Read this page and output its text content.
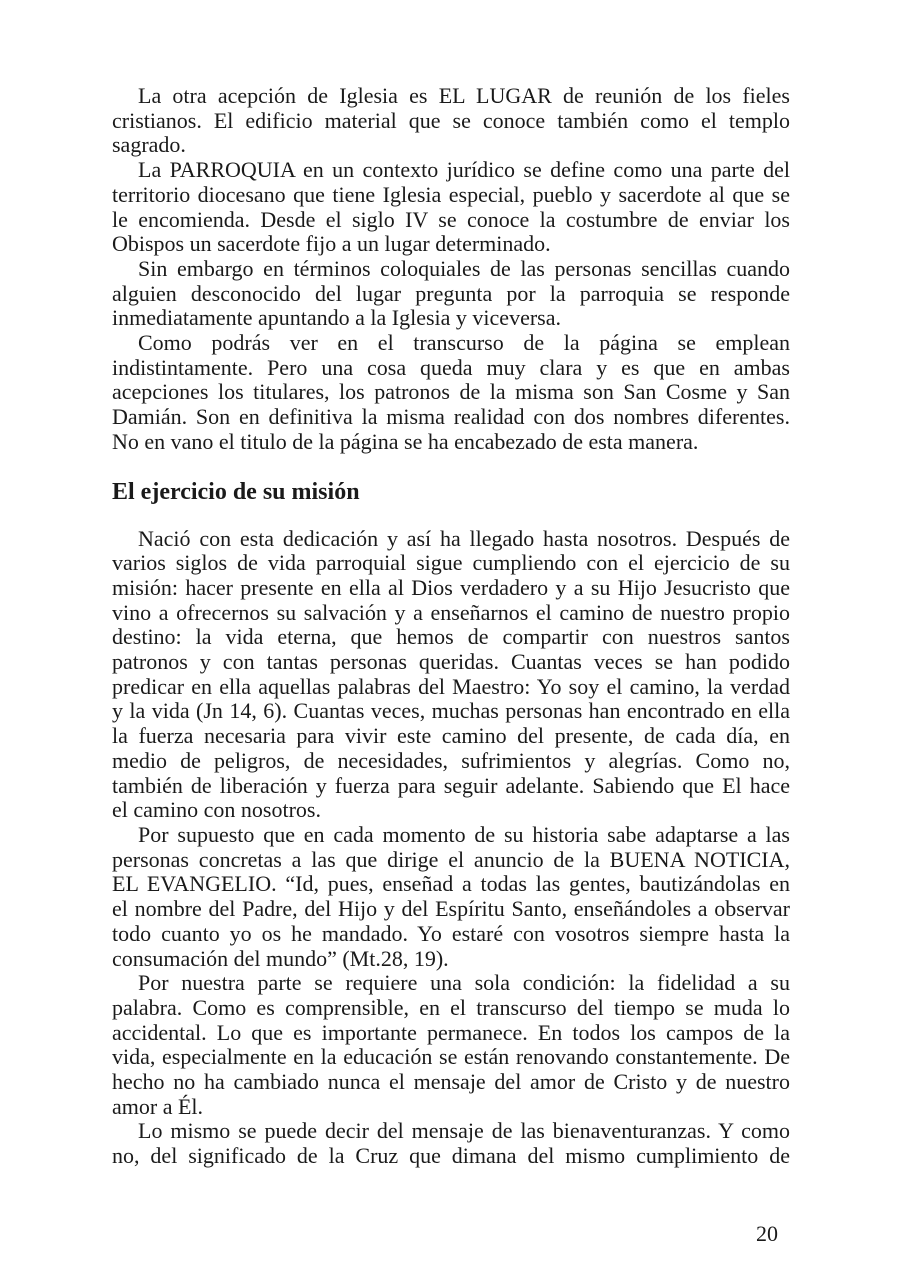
La otra acepción de Iglesia es EL LUGAR de reunión de los fieles
cristianos. El edificio material que se conoce también como el templo
sagrado.
La PARROQUIA en un contexto jurídico se define como una parte del
territorio diocesano que tiene Iglesia especial, pueblo y sacerdote al que se
le encomienda. Desde el siglo IV se conoce la costumbre de enviar los
Obispos un sacerdote fijo a un lugar determinado.
Sin embargo en términos coloquiales de las personas sencillas cuando
alguien desconocido del lugar pregunta por la parroquia se responde
inmediatamente apuntando a la Iglesia y viceversa.
Como podrás ver en el transcurso de la página se emplean
indistintamente. Pero una cosa queda muy clara y es que en ambas
acepciones los titulares, los patronos de la misma son San Cosme y San
Damián. Son en definitiva la misma realidad con dos nombres diferentes.
No en vano el titulo de la página se ha encabezado de esta manera.
El ejercicio de su misión
Nació con esta dedicación y así ha llegado hasta nosotros. Después de
varios siglos de vida parroquial sigue cumpliendo con el ejercicio de su
misión: hacer presente en ella al Dios verdadero y a su Hijo Jesucristo que
vino a ofrecernos su salvación y a enseñarnos el camino de nuestro propio
destino: la vida eterna, que hemos de compartir con nuestros santos
patronos y con tantas personas queridas. Cuantas veces se han podido
predicar en ella aquellas palabras del Maestro: Yo soy el camino, la verdad
y la vida (Jn 14, 6). Cuantas veces, muchas personas han encontrado en ella
la fuerza necesaria para vivir este camino del presente, de cada día, en
medio de peligros, de necesidades, sufrimientos y alegrías. Como no,
también de liberación y fuerza para seguir adelante. Sabiendo que El hace
el camino con nosotros.
Por supuesto que en cada momento de su historia sabe adaptarse a las
personas concretas a las que dirige el anuncio de la BUENA NOTICIA,
EL EVANGELIO. “Id, pues, enseñad a todas las gentes, bautizándolas en
el nombre del Padre, del Hijo y del Espíritu Santo, enseñándoles a observar
todo cuanto yo os he mandado. Yo estaré con vosotros siempre hasta la
consumación del mundo” (Mt.28, 19).
Por nuestra parte se requiere una sola condición: la fidelidad a su
palabra. Como es comprensible, en el transcurso del tiempo se muda lo
accidental. Lo que es importante permanece. En todos los campos de la
vida, especialmente en la educación se están renovando constantemente. De
hecho no ha cambiado nunca el mensaje del amor de Cristo y de nuestro
amor a Él.
Lo mismo se puede decir del mensaje de las bienaventuranzas. Y como
no, del significado de la Cruz que dimana del mismo cumplimiento de
20
